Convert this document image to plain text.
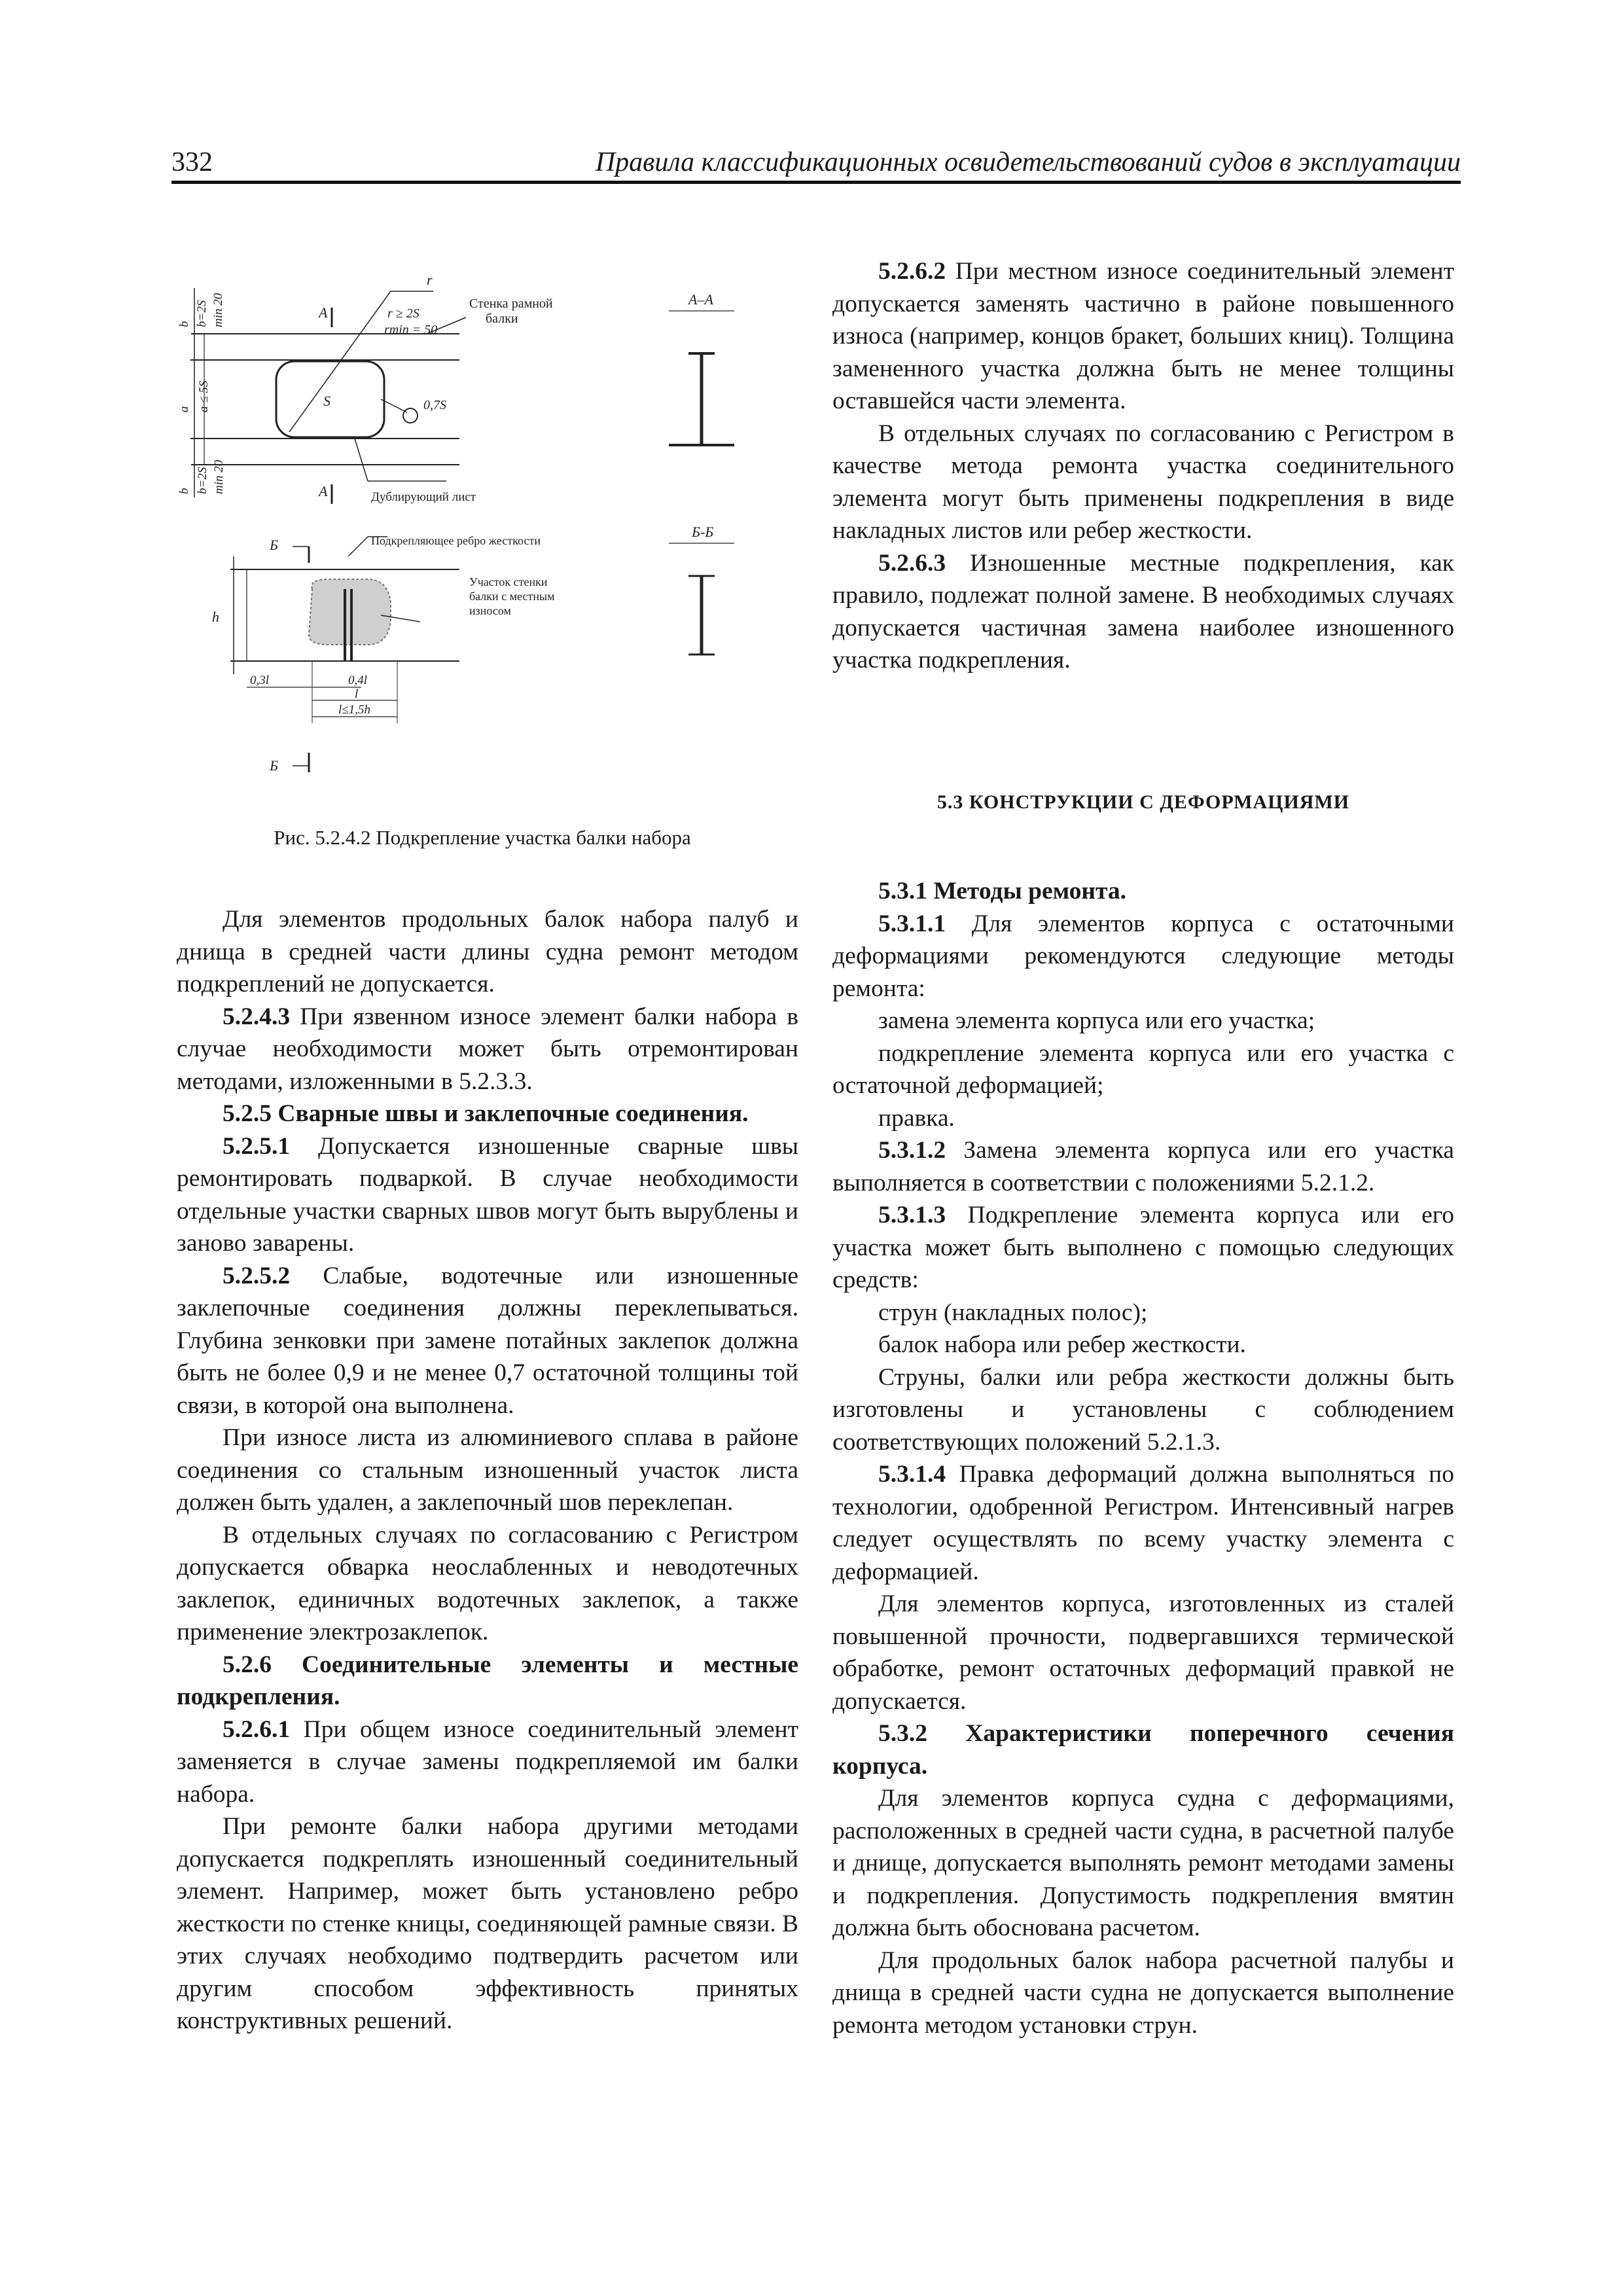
332	Правила классификационных освидетельствований судов в эксплуатации
r
r ≥ 2S
rmin = 50
Стенка рамной
балки
A
A
S	0,7S
Дублирующий лист
A–A
Б
Б
Б-Б
Подкрепляющее ребро жесткости
Участок стенки
балки с местным
износом
h
0,3l	0,4l
l
l≤1,5h
b b=2S min 20
a a ≤ 5S
b b=2S min 20
Рис. 5.2.4.2 Подкрепление участка балки набора

Для элементов продольных балок набора палуб и днища в средней части длины судна ремонт методом подкреплений не допускается.

5.2.4.3 При язвенном износе элемент балки набора в случае необходимости может быть отремонтирован методами, изложенными в 5.2.3.3.

5.2.5 Сварные швы и заклепочные соединения.

5.2.5.1 Допускается изношенные сварные швы ремонтировать подваркой. В случае необходимости отдельные участки сварных швов могут быть вырублены и заново заварены.

5.2.5.2 Слабые, водотечные или изношенные заклепочные соединения должны переклепываться. Глубина зенковки при замене потайных заклепок должна быть не более 0,9 и не менее 0,7 остаточной толщины той связи, в которой она выполнена.

При износе листа из алюминиевого сплава в районе соединения со стальным изношенный участок листа должен быть удален, а заклепочный шов переклепан.

В отдельных случаях по согласованию с Регистром допускается обварка неослабленных и неводотечных заклепок, единичных водотечных заклепок, а также применение электрозаклепок.

5.2.6 Соединительные элементы и местные подкрепления.

5.2.6.1 При общем износе соединительный элемент заменяется в случае замены подкрепляемой им балки набора.

При ремонте балки набора другими методами допускается подкреплять изношенный соединительный элемент. Например, может быть установлено ребро жесткости по стенке кницы, соединяющей рамные связи. В этих случаях необходимо подтвердить расчетом или другим способом эффективность принятых конструктивных решений.

5.2.6.2 При местном износе соединительный элемент допускается заменять частично в районе повышенного износа (например, концов бракет, больших книц). Толщина замененного участка должна быть не менее толщины оставшейся части элемента.

В отдельных случаях по согласованию с Регистром в качестве метода ремонта участка соединительного элемента могут быть применены подкрепления в виде накладных листов или ребер жесткости.

5.2.6.3 Изношенные местные подкрепления, как правило, подлежат полной замене. В необходимых случаях допускается частичная замена наиболее изношенного участка подкрепления.

5.3 КОНСТРУКЦИИ С ДЕФОРМАЦИЯМИ

5.3.1 Методы ремонта.

5.3.1.1 Для элементов корпуса с остаточными деформациями рекомендуются следующие методы ремонта:

замена элемента корпуса или его участка;

подкрепление элемента корпуса или его участка с остаточной деформацией;

правка.

5.3.1.2 Замена элемента корпуса или его участка выполняется в соответствии с положениями 5.2.1.2.

5.3.1.3 Подкрепление элемента корпуса или его участка может быть выполнено с помощью следующих средств:

струн (накладных полос);

балок набора или ребер жесткости.

Струны, балки или ребра жесткости должны быть изготовлены и установлены с соблюдением соответствующих положений 5.2.1.3.

5.3.1.4 Правка деформаций должна выполняться по технологии, одобренной Регистром. Интенсивный нагрев следует осуществлять по всему участку элемента с деформацией.

Для элементов корпуса, изготовленных из сталей повышенной прочности, подвергавшихся термической обработке, ремонт остаточных деформаций правкой не допускается.

5.3.2 Характеристики поперечного сечения корпуса.

Для элементов корпуса судна с деформациями, расположенных в средней части судна, в расчетной палубе и днище, допускается выполнять ремонт методами замены и подкрепления. Допустимость подкрепления вмятин должна быть обоснована расчетом.

Для продольных балок набора расчетной палубы и днища в средней части судна не допускается выполнение ремонта методом установки струн.
